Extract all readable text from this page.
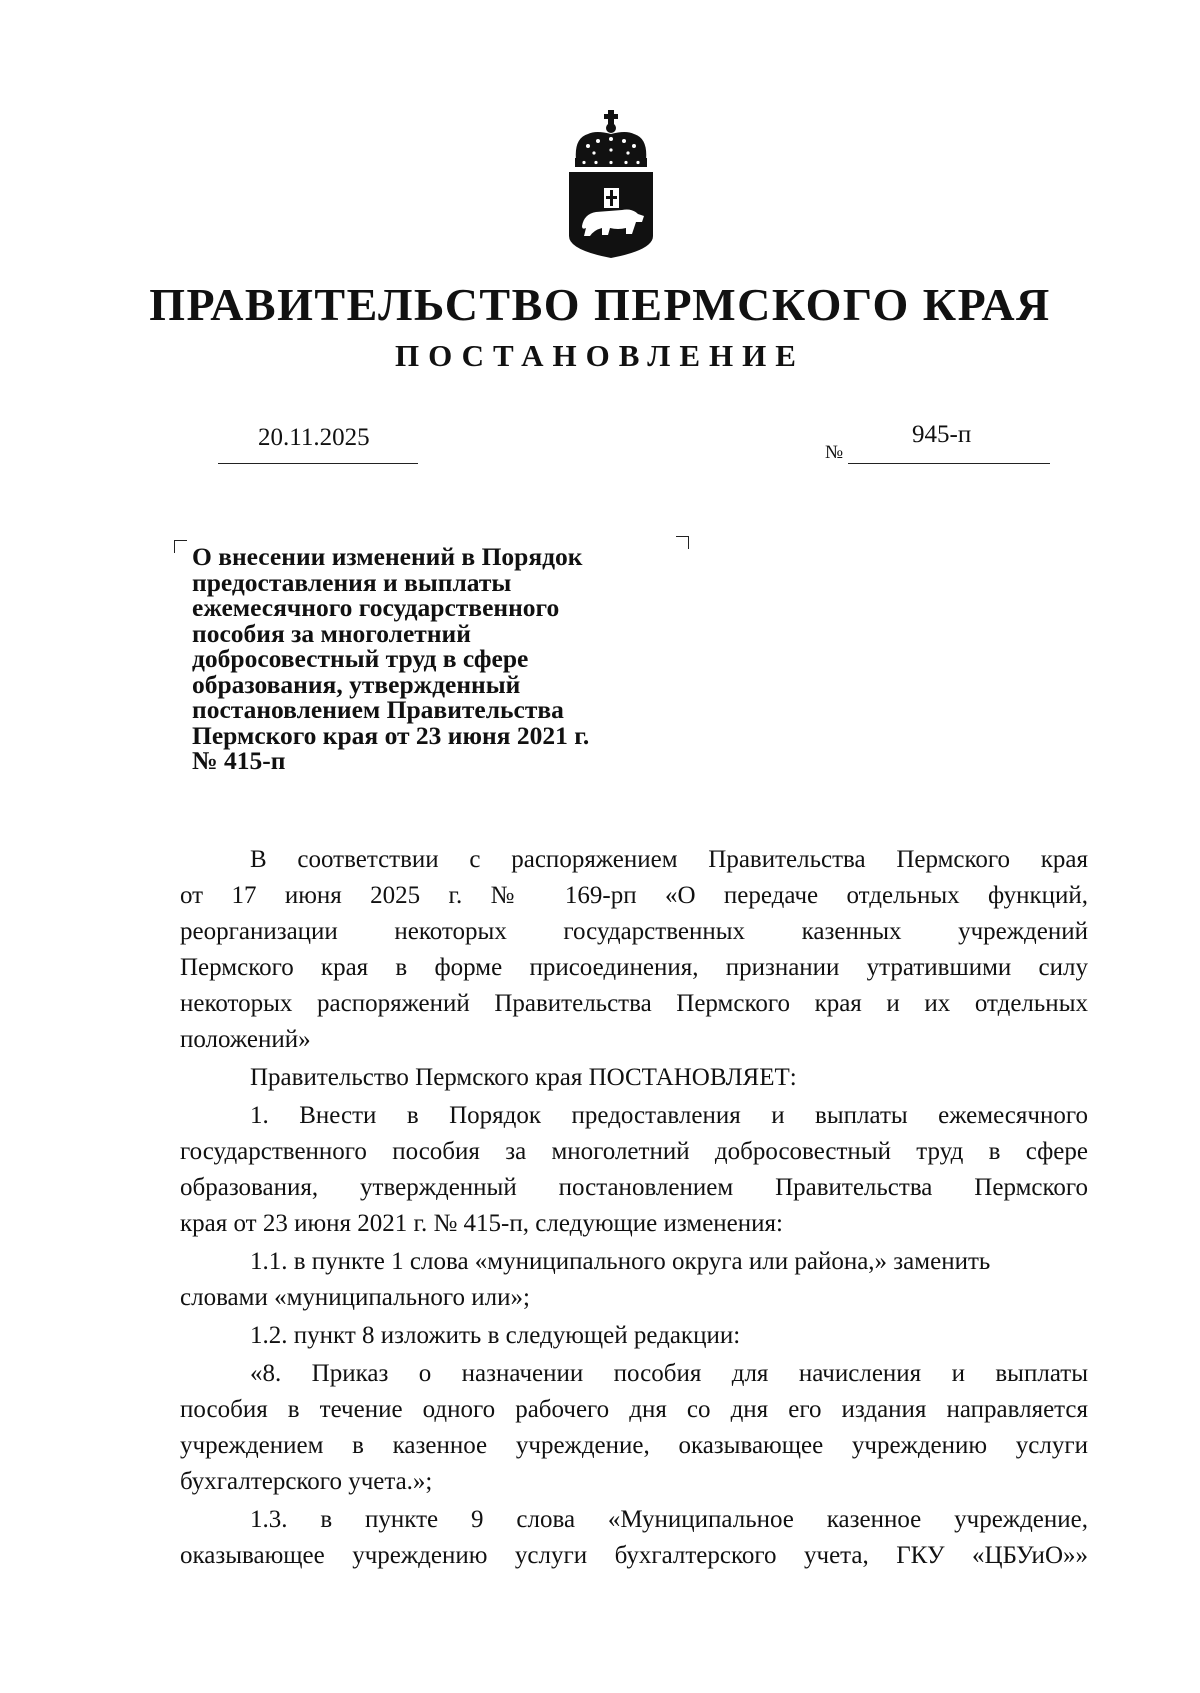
ПРАВИТЕЛЬСТВО ПЕРМСКОГО КРАЯ
ПОСТАНОВЛЕНИЕ
20.11.2025
№
945-п
О внесении изменений в Порядок
предоставления и выплаты
ежемесячного государственного
пособия за многолетний
добросовестный труд в сфере
образования, утвержденный
постановлением Правительства
Пермского края от 23 июня 2021 г.
№ 415-п
В соответствии с распоряжением Правительства Пермского края
от 17 июня 2025 г. № 169-рп «О передаче отдельных функций,
реорганизации некоторых государственных казенных учреждений
Пермского края в форме присоединения, признании утратившими силу
некоторых распоряжений Правительства Пермского края и их отдельных
положений»
Правительство Пермского края ПОСТАНОВЛЯЕТ:
1. Внести в Порядок предоставления и выплаты ежемесячного
государственного пособия за многолетний добросовестный труд в сфере
образования, утвержденный постановлением Правительства Пермского
края от 23 июня 2021 г. № 415-п, следующие изменения:
1.1. в пункте 1 слова «муниципального округа или района,» заменить
словами «муниципального или»;
1.2. пункт 8 изложить в следующей редакции:
«8. Приказ о назначении пособия для начисления и выплаты
пособия в течение одного рабочего дня со дня его издания направляется
учреждением в казенное учреждение, оказывающее учреждению услуги
бухгалтерского учета.»;
1.3. в пункте 9 слова «Муниципальное казенное учреждение,
оказывающее учреждению услуги бухгалтерского учета, ГКУ «ЦБУиО»»
